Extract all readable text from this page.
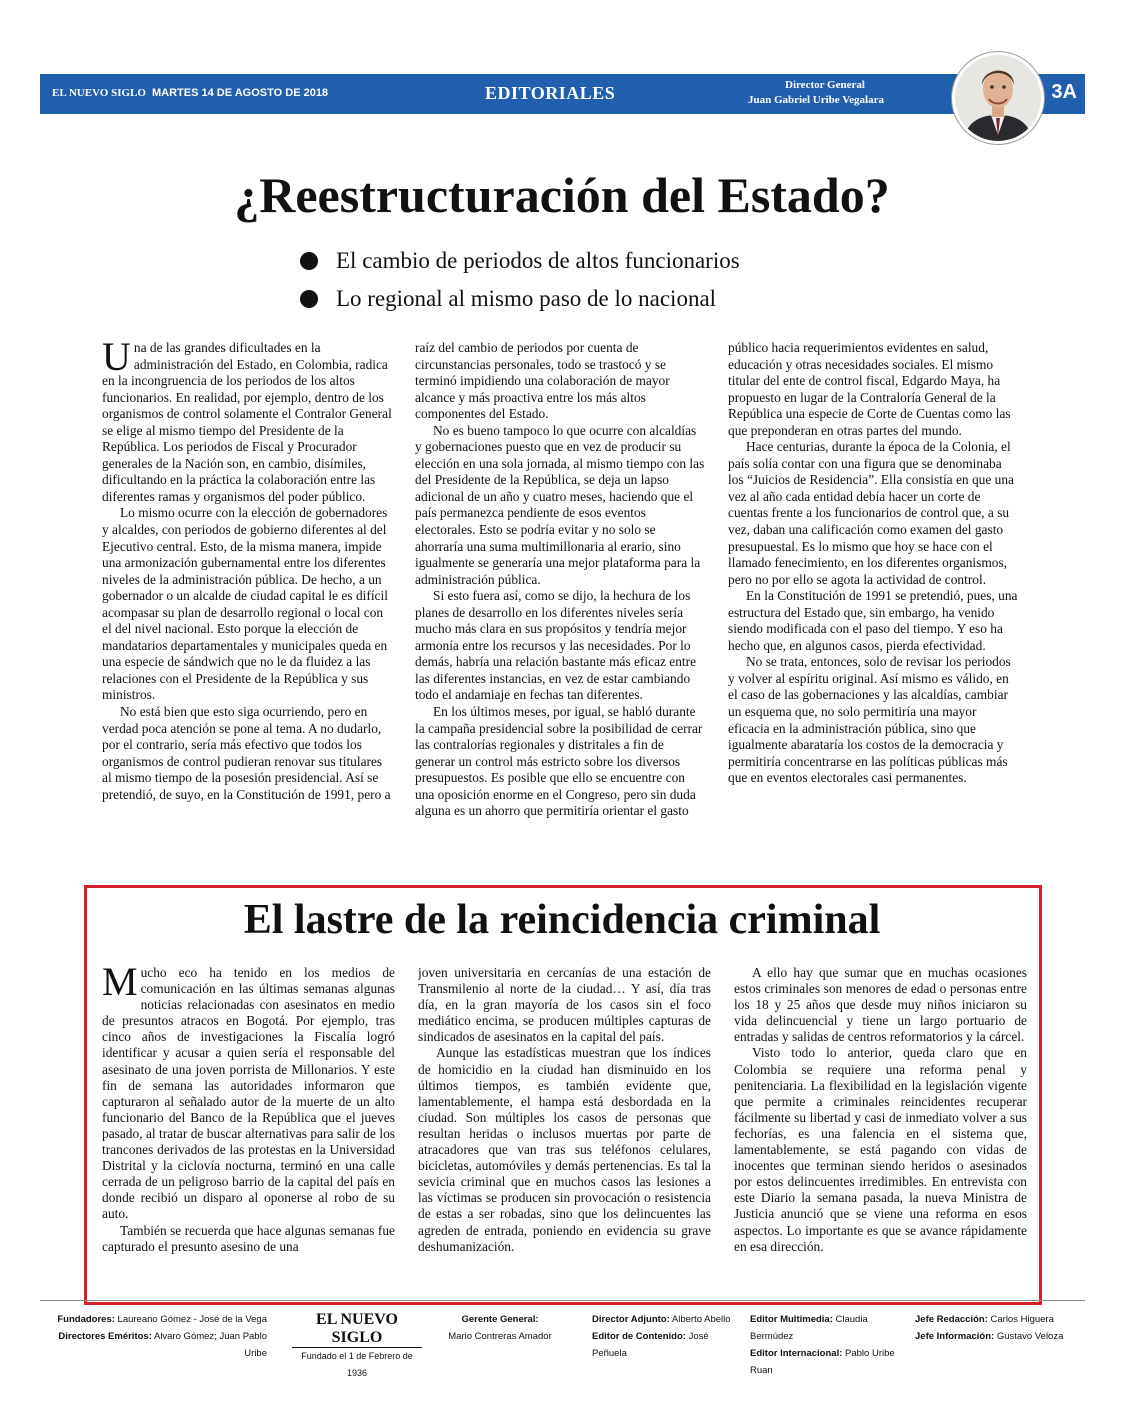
EL NUEVO SIGLO MARTES 14 DE AGOSTO DE 2018	EDITORIALES	Director General
Juan Gabriel Uribe Vegalara	3A
¿Reestructuración del Estado?
El cambio de periodos de altos funcionarios
Lo regional al mismo paso de lo nacional

Una de las grandes dificultades en la administración del Estado, en Colombia, radica en la incongruencia de los periodos de los altos funcionarios. En realidad, por ejemplo, dentro de los organismos de control solamente el Contralor General se elige al mismo tiempo del Presidente de la República. Los periodos de Fiscal y Procurador generales de la Nación son, en cambio, disímiles, dificultando en la práctica la colaboración entre las diferentes ramas y organismos del poder público.

Lo mismo ocurre con la elección de gobernadores y alcaldes, con periodos de gobierno diferentes al del Ejecutivo central. Esto, de la misma manera, impide una armonización gubernamental entre los diferentes niveles de la administración pública. De hecho, a un gobernador o un alcalde de ciudad capital le es difícil acompasar su plan de desarrollo regional o local con el del nivel nacional. Esto porque la elección de mandatarios departamentales y municipales queda en una especie de sándwich que no le da fluidez a las relaciones con el Presidente de la República y sus ministros.

No está bien que esto siga ocurriendo, pero en verdad poca atención se pone al tema. A no dudarlo, por el contrario, sería más efectivo que todos los organismos de control pudieran renovar sus titulares al mismo tiempo de la posesión presidencial. Así se pretendió, de suyo, en la Constitución de 1991, pero a

raíz del cambio de periodos por cuenta de circunstancias personales, todo se trastocó y se terminó impidiendo una colaboración de mayor alcance y más proactiva entre los más altos componentes del Estado.

No es bueno tampoco lo que ocurre con alcaldías y gobernaciones puesto que en vez de producir su elección en una sola jornada, al mismo tiempo con las del Presidente de la República, se deja un lapso adicional de un año y cuatro meses, haciendo que el país permanezca pendiente de esos eventos electorales. Esto se podría evitar y no solo se ahorraría una suma multimillonaria al erario, sino igualmente se generaría una mejor plataforma para la administración pública.

Si esto fuera así, como se dijo, la hechura de los planes de desarrollo en los diferentes niveles sería mucho más clara en sus propósitos y tendría mejor armonía entre los recursos y las necesidades. Por lo demás, habría una relación bastante más eficaz entre las diferentes instancias, en vez de estar cambiando todo el andamiaje en fechas tan diferentes.

En los últimos meses, por igual, se habló durante la campaña presidencial sobre la posibilidad de cerrar las contralorías regionales y distritales a fin de generar un control más estricto sobre los diversos presupuestos. Es posible que ello se encuentre con una oposición enorme en el Congreso, pero sin duda alguna es un ahorro que permitiría orientar el gasto

público hacia requerimientos evidentes en salud, educación y otras necesidades sociales. El mismo titular del ente de control fiscal, Edgardo Maya, ha propuesto en lugar de la Contraloría General de la República una especie de Corte de Cuentas como las que preponderan en otras partes del mundo.

Hace centurias, durante la época de la Colonia, el país solía contar con una figura que se denominaba los “Juicios de Residencia”. Ella consistía en que una vez al año cada entidad debía hacer un corte de cuentas frente a los funcionarios de control que, a su vez, daban una calificación como examen del gasto presupuestal. Es lo mismo que hoy se hace con el llamado fenecimiento, en los diferentes organismos, pero no por ello se agota la actividad de control.

En la Constitución de 1991 se pretendió, pues, una estructura del Estado que, sin embargo, ha venido siendo modificada con el paso del tiempo. Y eso ha hecho que, en algunos casos, pierda efectividad.

No se trata, entonces, solo de revisar los periodos y volver al espíritu original. Así mismo es válido, en el caso de las gobernaciones y las alcaldías, cambiar un esquema que, no solo permitiría una mayor eficacia en la administración pública, sino que igualmente abarataría los costos de la democracia y permitiría concentrarse en las políticas públicas más que en eventos electorales casi permanentes.

El lastre de la reincidencia criminal

Mucho eco ha tenido en los medios de comunicación en las últimas semanas algunas noticias relacionadas con asesinatos en medio de presuntos atracos en Bogotá. Por ejemplo, tras cinco años de investigaciones la Fiscalía logró identificar y acusar a quien sería el responsable del asesinato de una joven porrista de Millonarios. Y este fin de semana las autoridades informaron que capturaron al señalado autor de la muerte de un alto funcionario del Banco de la República que el jueves pasado, al tratar de buscar alternativas para salir de los trancones derivados de las protestas en la Universidad Distrital y la ciclovía nocturna, terminó en una calle cerrada de un peligroso barrio de la capital del país en donde recibió un disparo al oponerse al robo de su auto.

También se recuerda que hace algunas semanas fue capturado el presunto asesino de una

joven universitaria en cercanías de una estación de Transmilenio al norte de la ciudad… Y así, día tras día, en la gran mayoría de los casos sin el foco mediático encima, se producen múltiples capturas de sindicados de asesinatos en la capital del país.

Aunque las estadísticas muestran que los índices de homicidio en la ciudad han disminuido en los últimos tiempos, es también evidente que, lamentablemente, el hampa está desbordada en la ciudad. Son múltiples los casos de personas que resultan heridas o inclusos muertas por parte de atracadores que van tras sus teléfonos celulares, bicicletas, automóviles y demás pertenencias. Es tal la sevicia criminal que en muchos casos las lesiones a las víctimas se producen sin provocación o resistencia de estas a ser robadas, sino que los delincuentes las agreden de entrada, poniendo en evidencia su grave deshumanización.

A ello hay que sumar que en muchas ocasiones estos criminales son menores de edad o personas entre los 18 y 25 años que desde muy niños iniciaron su vida delincuencial y tiene un largo portuario de entradas y salidas de centros reformatorios y la cárcel.

Visto todo lo anterior, queda claro que en Colombia se requiere una reforma penal y penitenciaria. La flexibilidad en la legislación vigente que permite a criminales reincidentes recuperar fácilmente su libertad y casi de inmediato volver a sus fechorías, es una falencia en el sistema que, lamentablemente, se está pagando con vidas de inocentes que terminan siendo heridos o asesinados por estos delincuentes irredimibles. En entrevista con este Diario la semana pasada, la nueva Ministra de Justicia anunció que se viene una reforma en esos aspectos. Lo importante es que se avance rápidamente en esa dirección.

Fundadores: Laureano Gómez - José de la Vega
Directores Eméritos: Alvaro Gómez; Juan Pablo Uribe
EL NUEVO SIGLO
Fundado el 1 de Febrero de 1936
Gerente General:
Mario Contreras Amador
Director Adjunto: Alberto Abello
Editor de Contenido: José Peñuela
Editor Multimedia: Claudia Bermúdez
Editor Internacional: Pablo Uribe Ruan
Jefe Redacción: Carlos Higuera
Jefe Información: Gustavo Veloza
